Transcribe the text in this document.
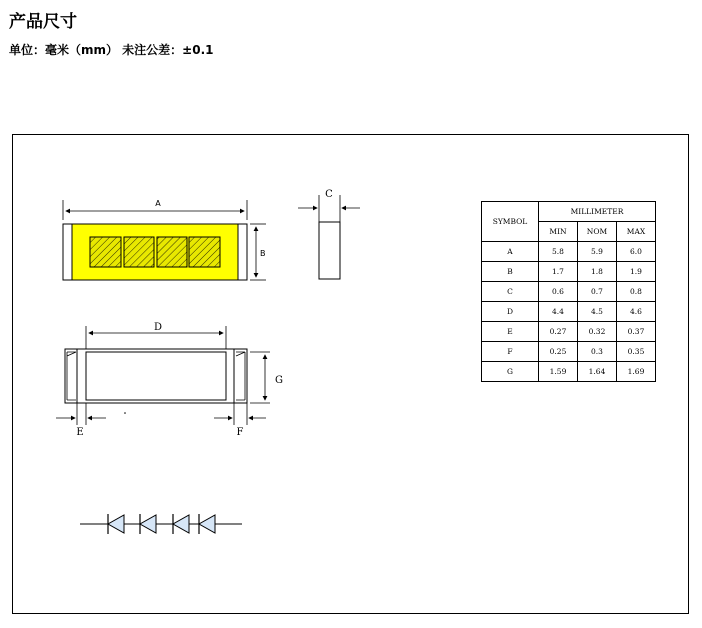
产品尺寸
单位：毫米（mm） 未注公差：±0.1
A
B
C
D
G
E	F
SYMBOL	MILLIMETER		
	MIN	NOM	MAX
A	5.8	5.9	6.0
B	1.7	1.8	1.9
C	0.6	0.7	0.8
D	4.4	4.5	4.6
E	0.27	0.32	0.37
F	0.25	0.3	0.35
G	1.59	1.64	1.69
